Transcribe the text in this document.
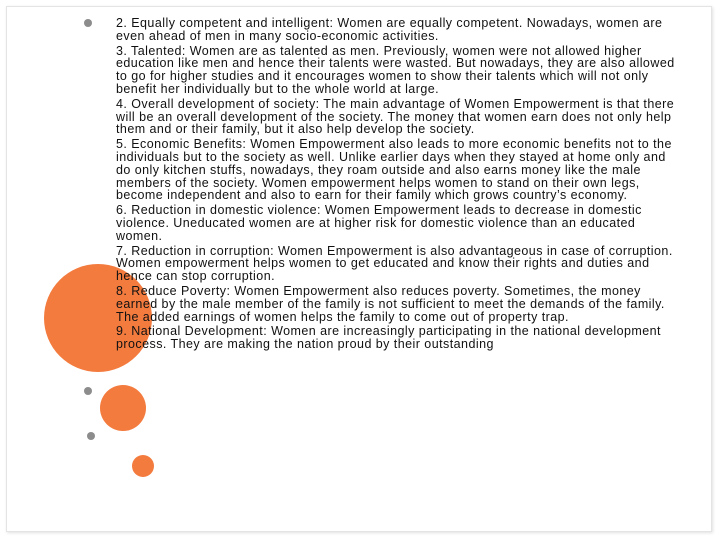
2. Equally competent and intelligent: Women are equally competent. Nowadays, women are even ahead of men in many socio-economic activities.

3. Talented: Women are as talented as men. Previously, women were not allowed higher education like men and hence their talents were wasted. But nowadays, they are also allowed to go for higher studies and it encourages women to show their talents which will not only benefit her individually but to the whole world at large.

4. Overall development of society: The main advantage of Women Empowerment is that there will be an overall development of the society. The money that women earn does not only help them and or their family, but it also help develop the society.

5. Economic Benefits: Women Empowerment also leads to more economic benefits not to the individuals but to the society as well. Unlike earlier days when they stayed at home only and do only kitchen stuffs, nowadays, they roam outside and also earns money like the male members of the society. Women empowerment helps women to stand on their own legs, become independent and also to earn for their family which grows country’s economy.

6. Reduction in domestic violence: Women Empowerment leads to decrease in domestic violence. Uneducated women are at higher risk for domestic violence than an educated women.

7. Reduction in corruption: Women Empowerment is also advantageous in case of corruption. Women empowerment helps women to get educated and know their rights and duties and hence can stop corruption.

8. Reduce Poverty: Women Empowerment also reduces poverty. Sometimes, the money earned by the male member of the family is not sufficient to meet the demands of the family. The added earnings of women helps the family to come out of property trap.

9. National Development: Women are increasingly participating in the national development process. They are making the nation proud by their outstanding
